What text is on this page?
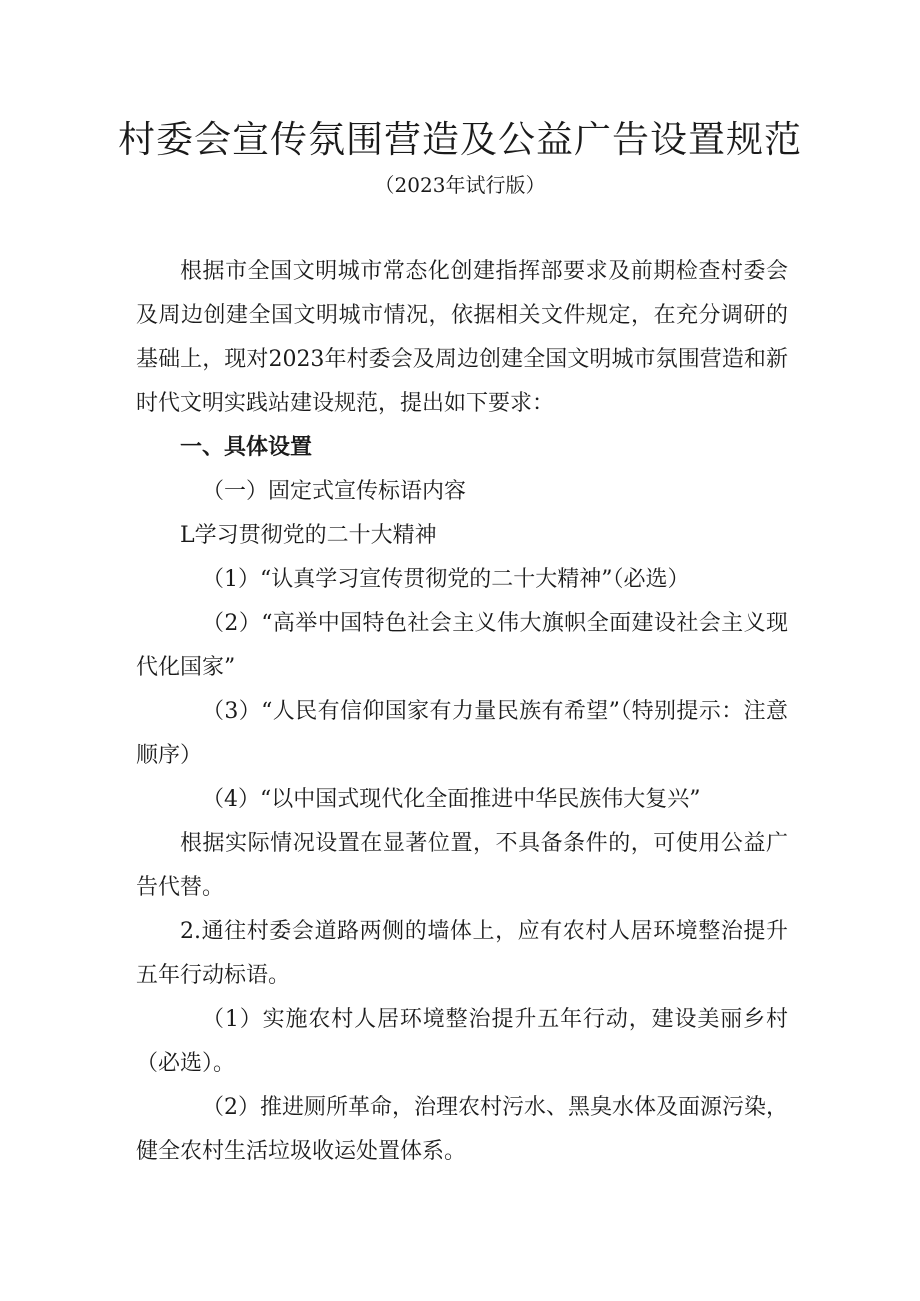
村委会宣传氛围营造及公益广告设置规范
（2023年试行版）

根据市全国文明城市常态化创建指挥部要求及前期检查村委会及周边创建全国文明城市情况，依据相关文件规定，在充分调研的基础上，现对2023年村委会及周边创建全国文明城市氛围营造和新时代文明实践站建设规范，提出如下要求：

一、具体设置

（一）固定式宣传标语内容

L学习贯彻党的二十大精神

（1）“认真学习宣传贯彻党的二十大精神”（必选）

（2）“高举中国特色社会主义伟大旗帜全面建设社会主义现代化国家”

（3）“人民有信仰国家有力量民族有希望”（特别提示：注意顺序）

（4）“以中国式现代化全面推进中华民族伟大复兴”

根据实际情况设置在显著位置，不具备条件的，可使用公益广告代替。

2.通往村委会道路两侧的墙体上，应有农村人居环境整治提升五年行动标语。

（1）实施农村人居环境整治提升五年行动，建设美丽乡村（必选）。

（2）推进厕所革命，治理农村污水、黑臭水体及面源污染，健全农村生活垃圾收运处置体系。
